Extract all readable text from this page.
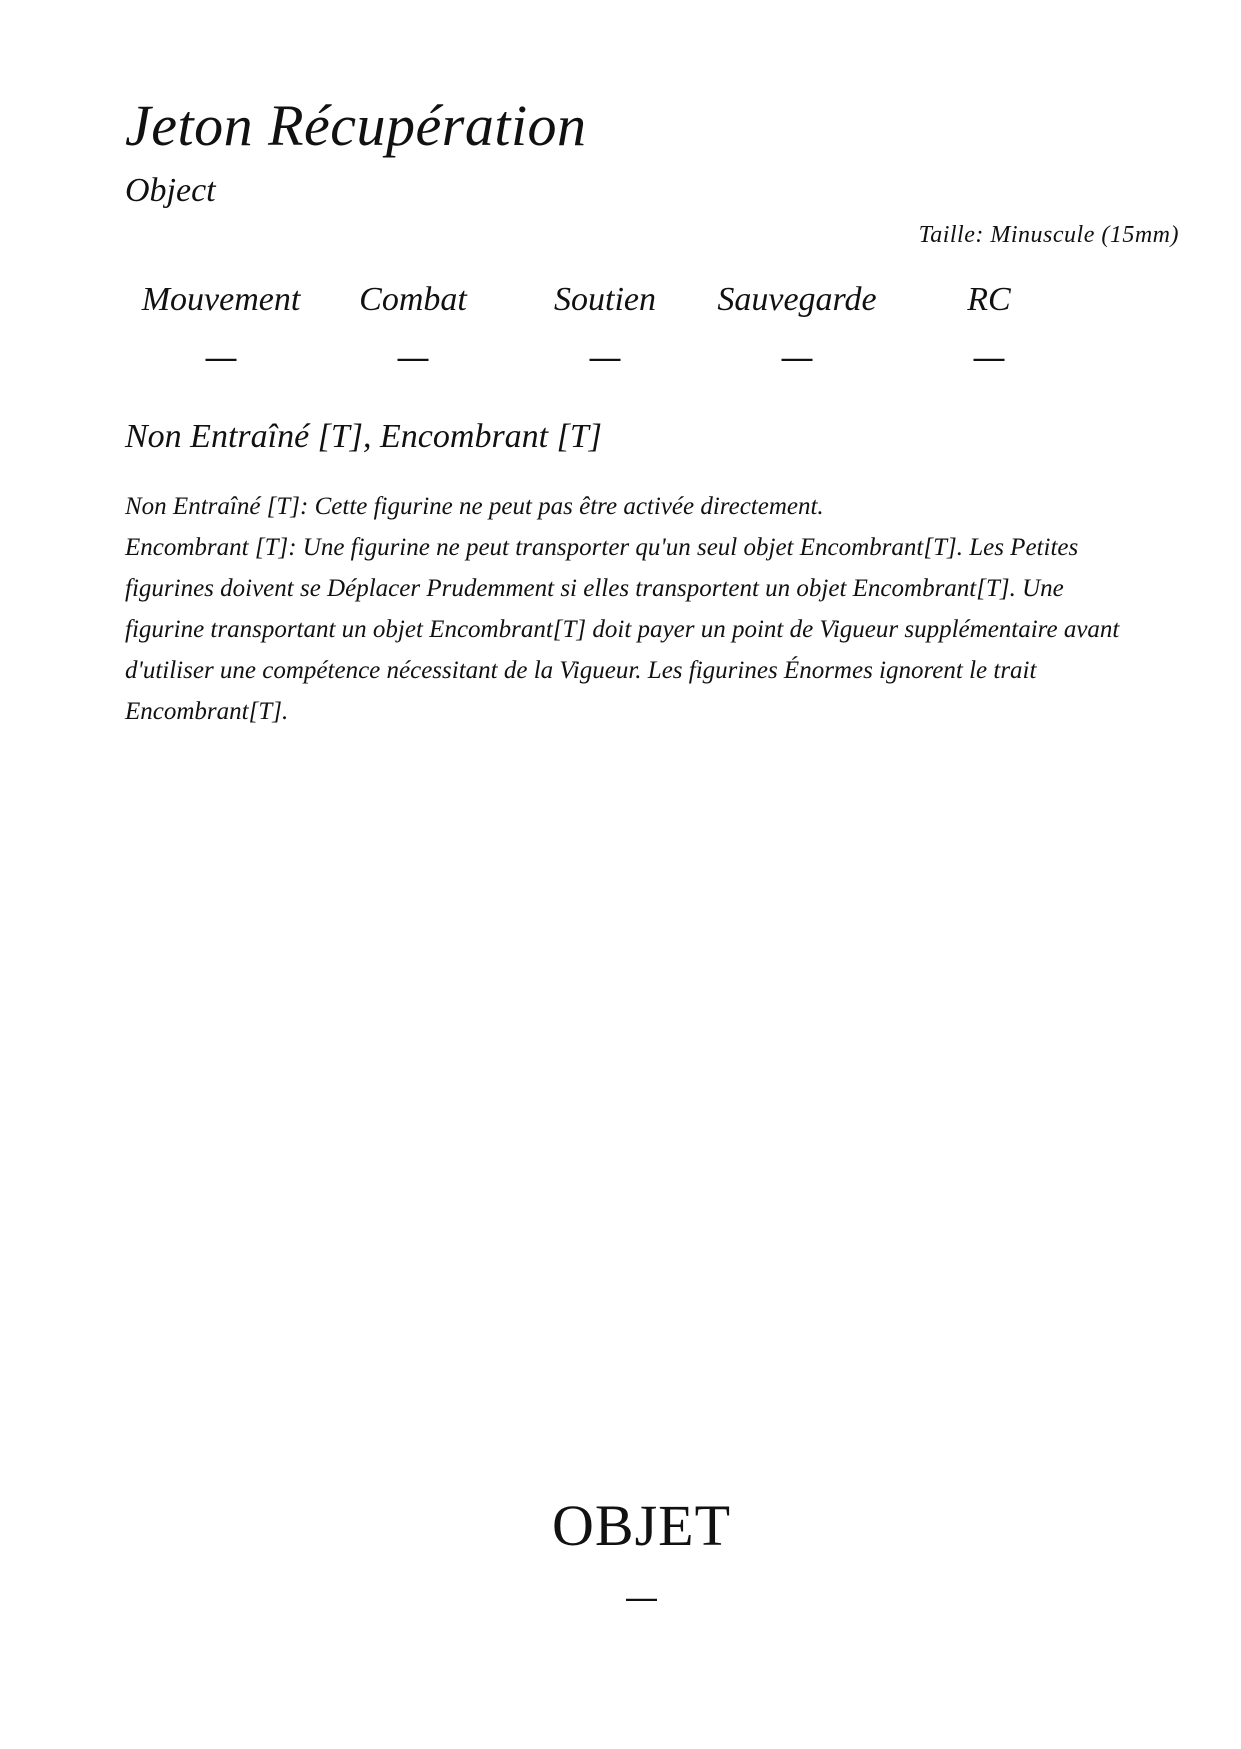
Jeton Récupération
Object
Taille: Minuscule (15mm)
Mouvement
—
Combat
—
Soutien
—
Sauvegarde
—
RC
—
Non Entraîné [T], Encombrant [T]

Non Entraîné [T]: Cette figurine ne peut pas être activée directement.

Encombrant [T]: Une figurine ne peut transporter qu'un seul objet Encombrant[T]. Les Petites figurines doivent se Déplacer Prudemment si elles transportent un objet Encombrant[T]. Une figurine transportant un objet Encombrant[T] doit payer un point de Vigueur supplémentaire avant d'utiliser une compétence nécessitant de la Vigueur. Les figurines Énormes ignorent le trait Encombrant[T].

OBJET
—
